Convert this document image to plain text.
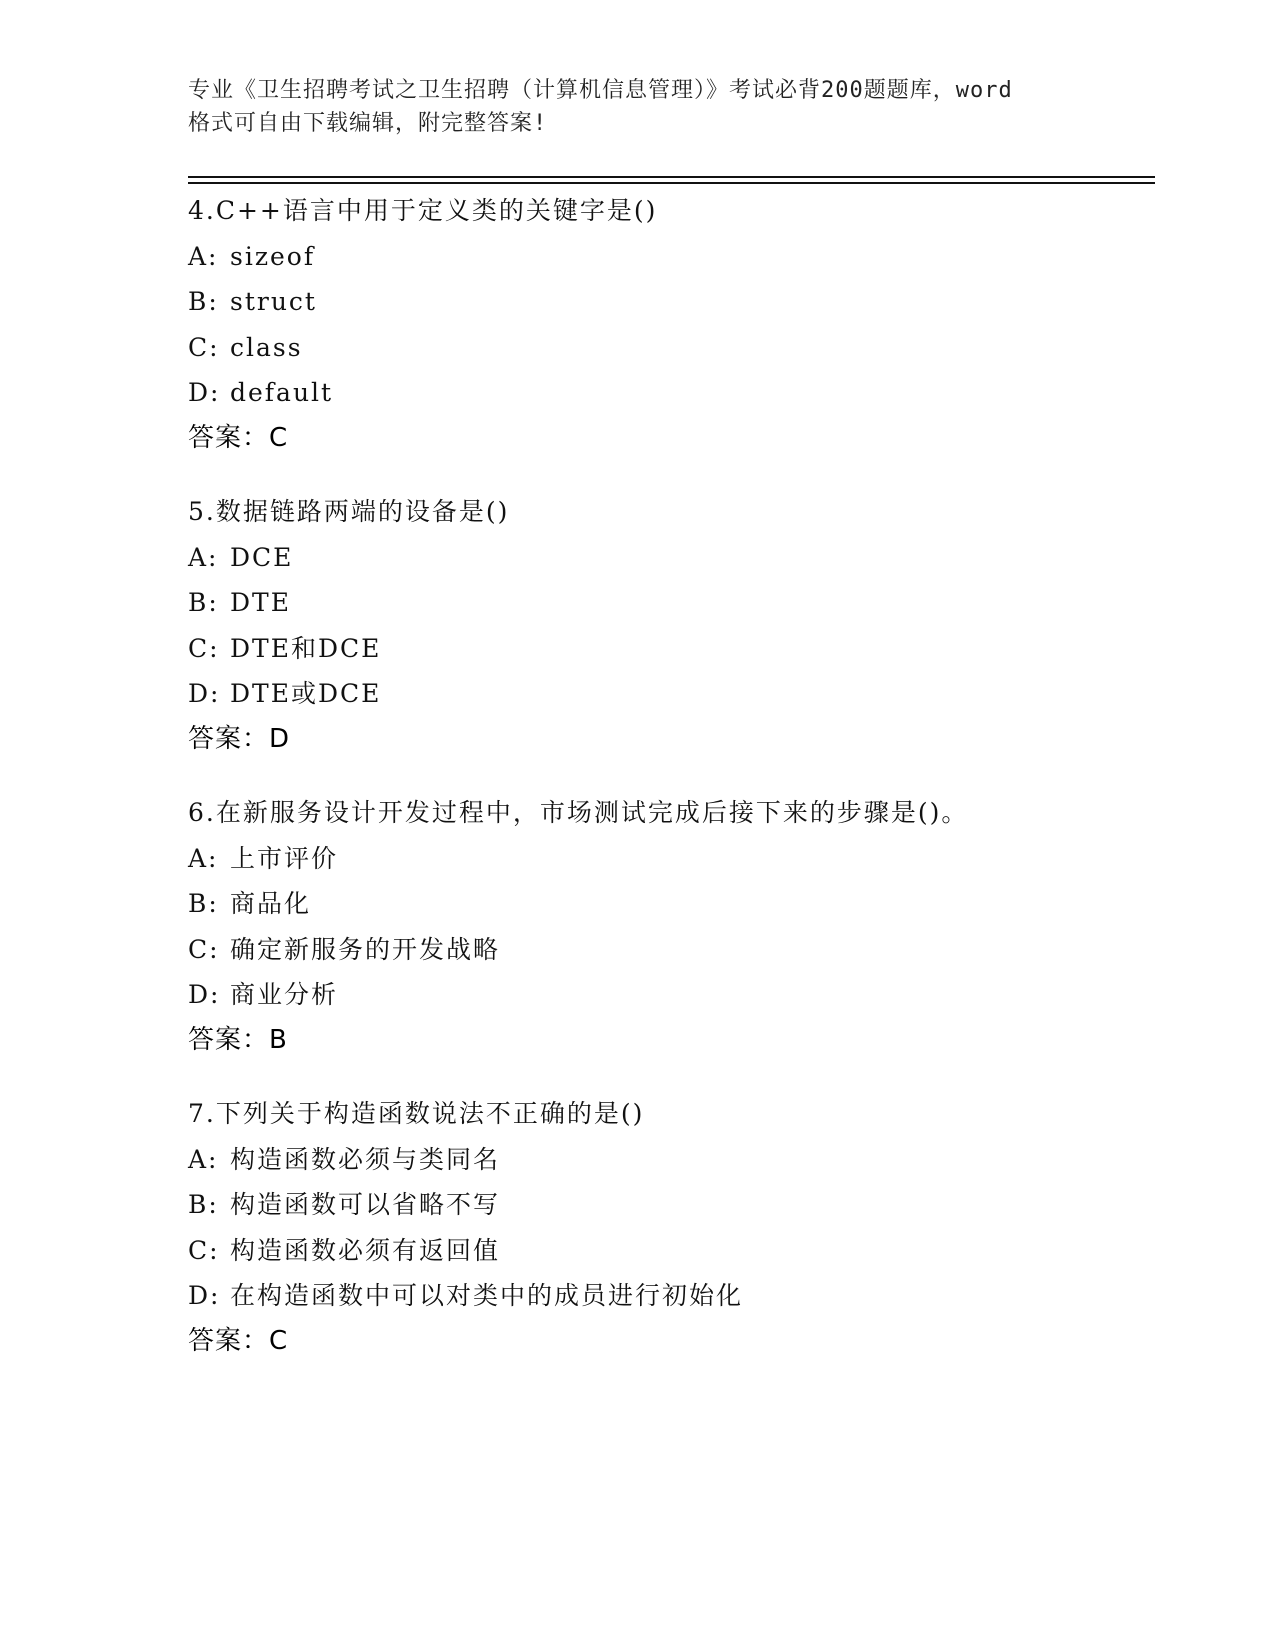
专业《卫生招聘考试之卫生招聘（计算机信息管理）》考试必背200题题库，word
格式可自由下载编辑，附完整答案!
4.C++语言中用于定义类的关键字是()
A: sizeof
B: struct
C: class
D: default
答案：C
5.数据链路两端的设备是()
A: DCE
B: DTE
C: DTE和DCE
D: DTE或DCE
答案：D
6.在新服务设计开发过程中，市场测试完成后接下来的步骤是()。
A: 上市评价
B: 商品化
C: 确定新服务的开发战略
D: 商业分析
答案：B
7.下列关于构造函数说法不正确的是()
A: 构造函数必须与类同名
B: 构造函数可以省略不写
C: 构造函数必须有返回值
D: 在构造函数中可以对类中的成员进行初始化
答案：C
